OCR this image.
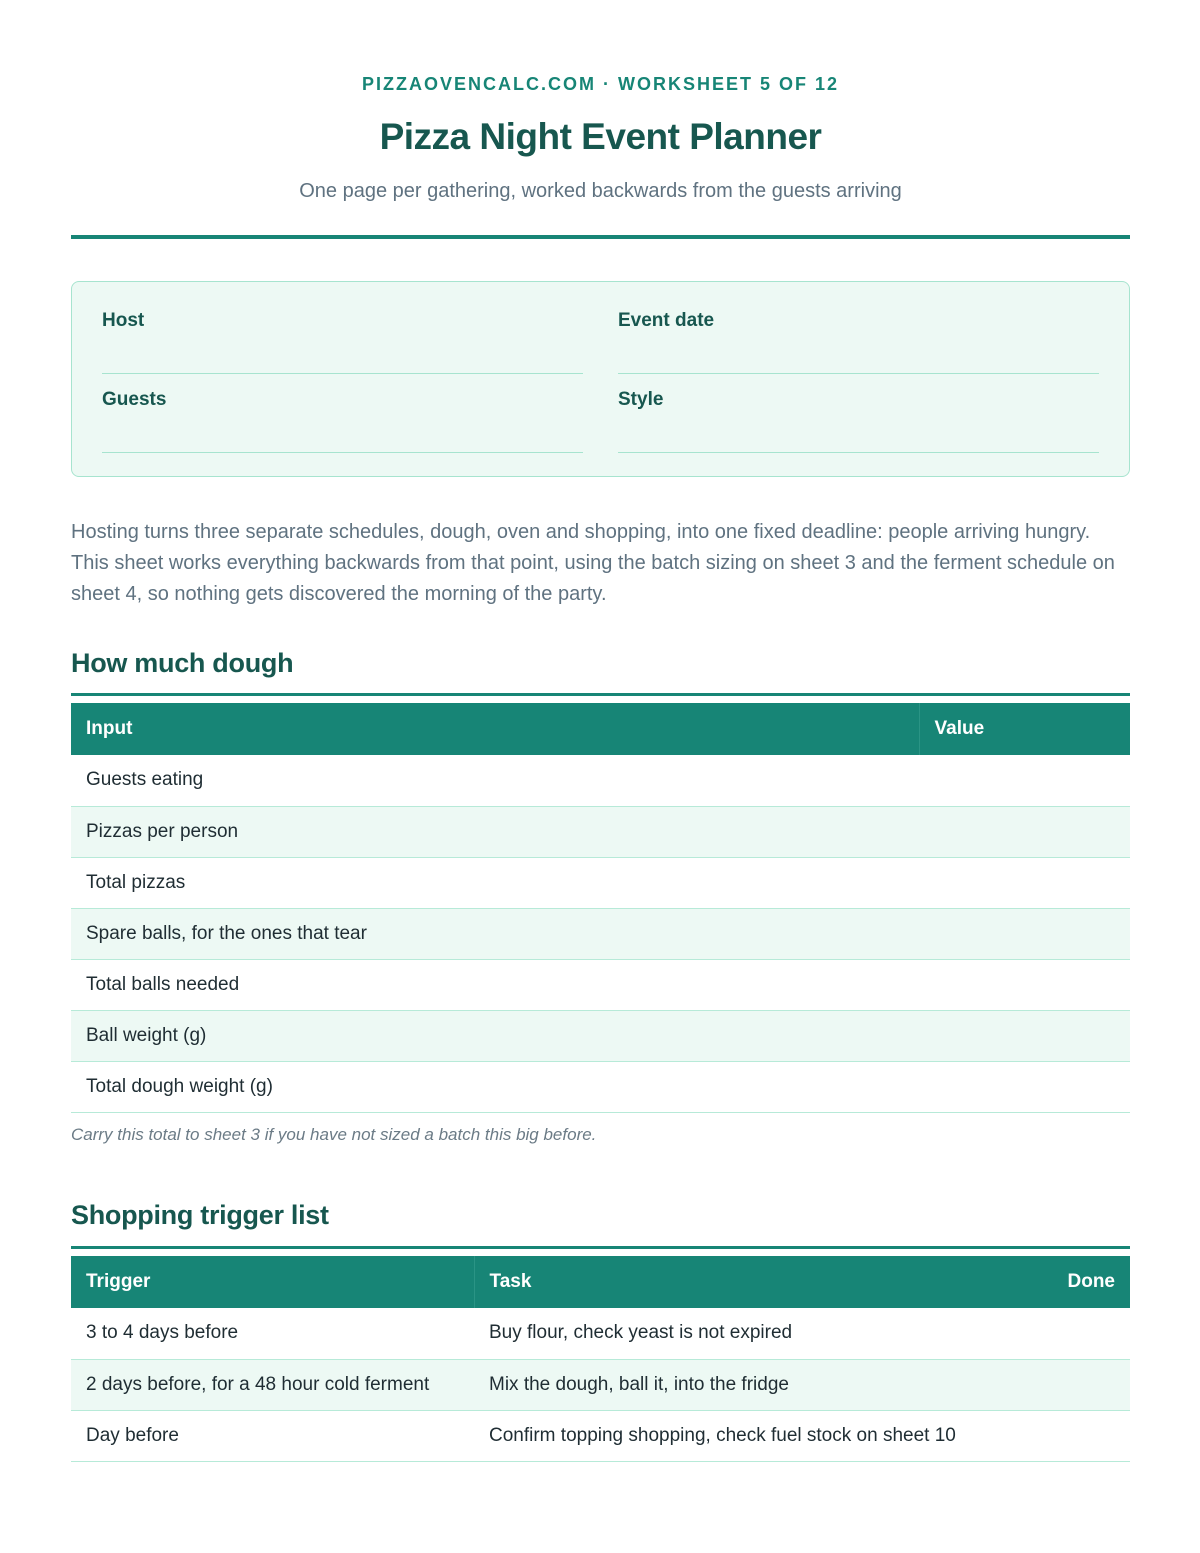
PIZZAOVENCALC.COM · WORKSHEET 5 OF 12
Pizza Night Event Planner
One page per gathering, worked backwards from the guests arriving
Host	Event date
Guests	Style

Hosting turns three separate schedules, dough, oven and shopping, into one fixed deadline: people arriving hungry. This sheet works everything backwards from that point, using the batch sizing on sheet 3 and the ferment schedule on sheet 4, so nothing gets discovered the morning of the party.

How much dough
Input	Value
Guests eating	
Pizzas per person	
Total pizzas	
Spare balls, for the ones that tear	
Total balls needed	
Ball weight (g)	
Total dough weight (g)	

Carry this total to sheet 3 if you have not sized a batch this big before.

Shopping trigger list
Trigger	Task	Done
3 to 4 days before	Buy flour, check yeast is not expired	
2 days before, for a 48 hour cold ferment	Mix the dough, ball it, into the fridge	
Day before	Confirm topping shopping, check fuel stock on sheet 10	
